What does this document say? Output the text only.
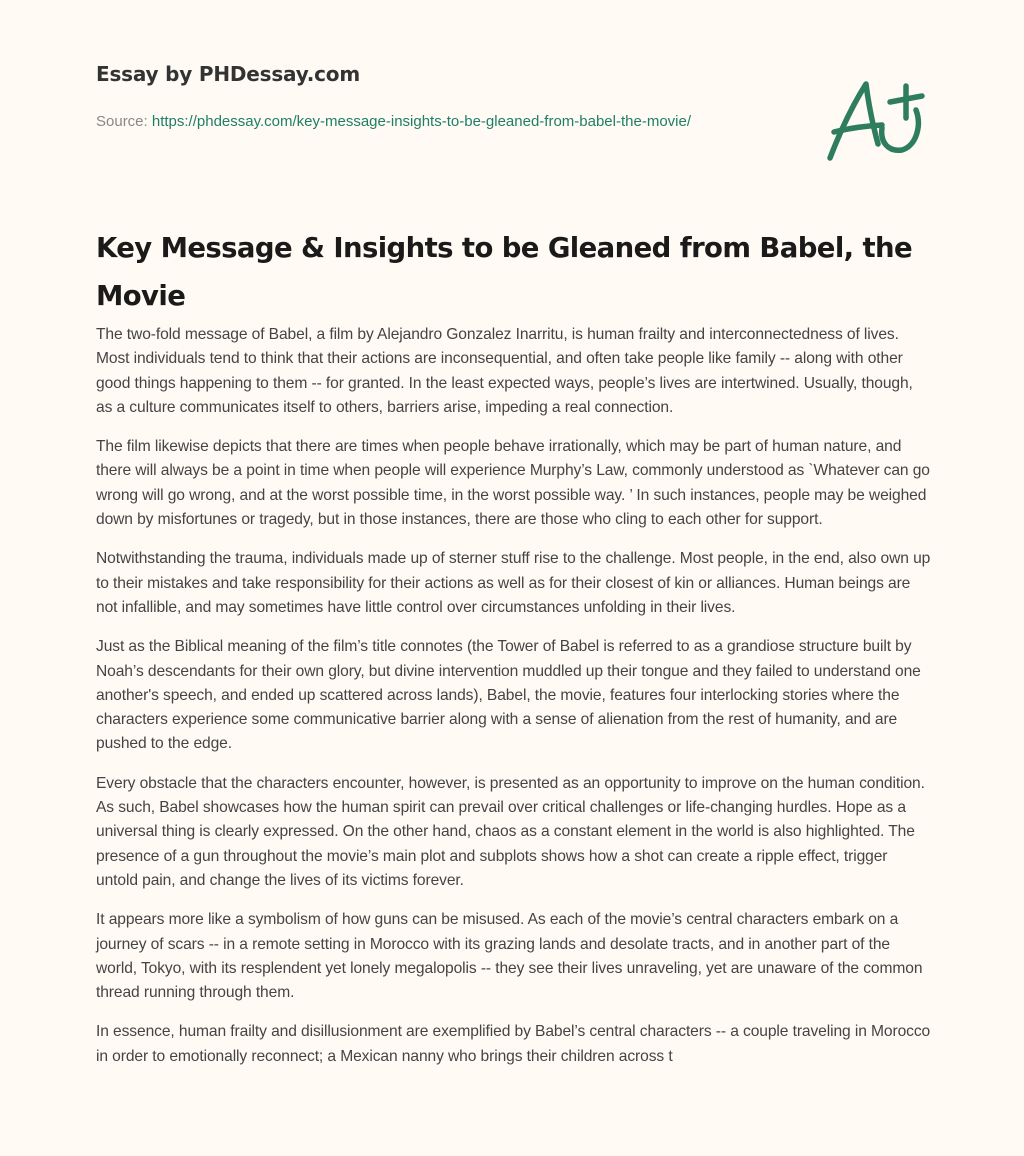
Essay by PHDessay.com
Source: https://phdessay.com/key-message-insights-to-be-gleaned-from-babel-the-movie/
Key Message & Insights to be Gleaned from Babel, the Movie

The two-fold message of Babel, a film by Alejandro Gonzalez Inarritu, is human frailty and interconnectedness of lives. Most individuals tend to think that their actions are inconsequential, and often take people like family -- along with other good things happening to them -- for granted. In the least expected ways, people’s lives are intertwined. Usually, though, as a culture communicates itself to others, barriers arise, impeding a real connection.

The film likewise depicts that there are times when people behave irrationally, which may be part of human nature, and there will always be a point in time when people will experience Murphy’s Law, commonly understood as `Whatever can go wrong will go wrong, and at the worst possible time, in the worst possible way. ’ In such instances, people may be weighed down by misfortunes or tragedy, but in those instances, there are those who cling to each other for support.

Notwithstanding the trauma, individuals made up of sterner stuff rise to the challenge. Most people, in the end, also own up to their mistakes and take responsibility for their actions as well as for their closest of kin or alliances. Human beings are not infallible, and may sometimes have little control over circumstances unfolding in their lives.

Just as the Biblical meaning of the film’s title connotes (the Tower of Babel is referred to as a grandiose structure built by Noah’s descendants for their own glory, but divine intervention muddled up their tongue and they failed to understand one another's speech, and ended up scattered across lands), Babel, the movie, features four interlocking stories where the characters experience some communicative barrier along with a sense of alienation from the rest of humanity, and are pushed to the edge.

Every obstacle that the characters encounter, however, is presented as an opportunity to improve on the human condition. As such, Babel showcases how the human spirit can prevail over critical challenges or life-changing hurdles. Hope as a universal thing is clearly expressed. On the other hand, chaos as a constant element in the world is also highlighted. The presence of a gun throughout the movie’s main plot and subplots shows how a shot can create a ripple effect, trigger untold pain, and change the lives of its victims forever.

It appears more like a symbolism of how guns can be misused. As each of the movie’s central characters embark on a journey of scars -- in a remote setting in Morocco with its grazing lands and desolate tracts, and in another part of the world, Tokyo, with its resplendent yet lonely megalopolis -- they see their lives unraveling, yet are unaware of the common thread running through them.

In essence, human frailty and disillusionment are exemplified by Babel’s central characters -- a couple traveling in Morocco in order to emotionally reconnect; a Mexican nanny who brings their children across t
